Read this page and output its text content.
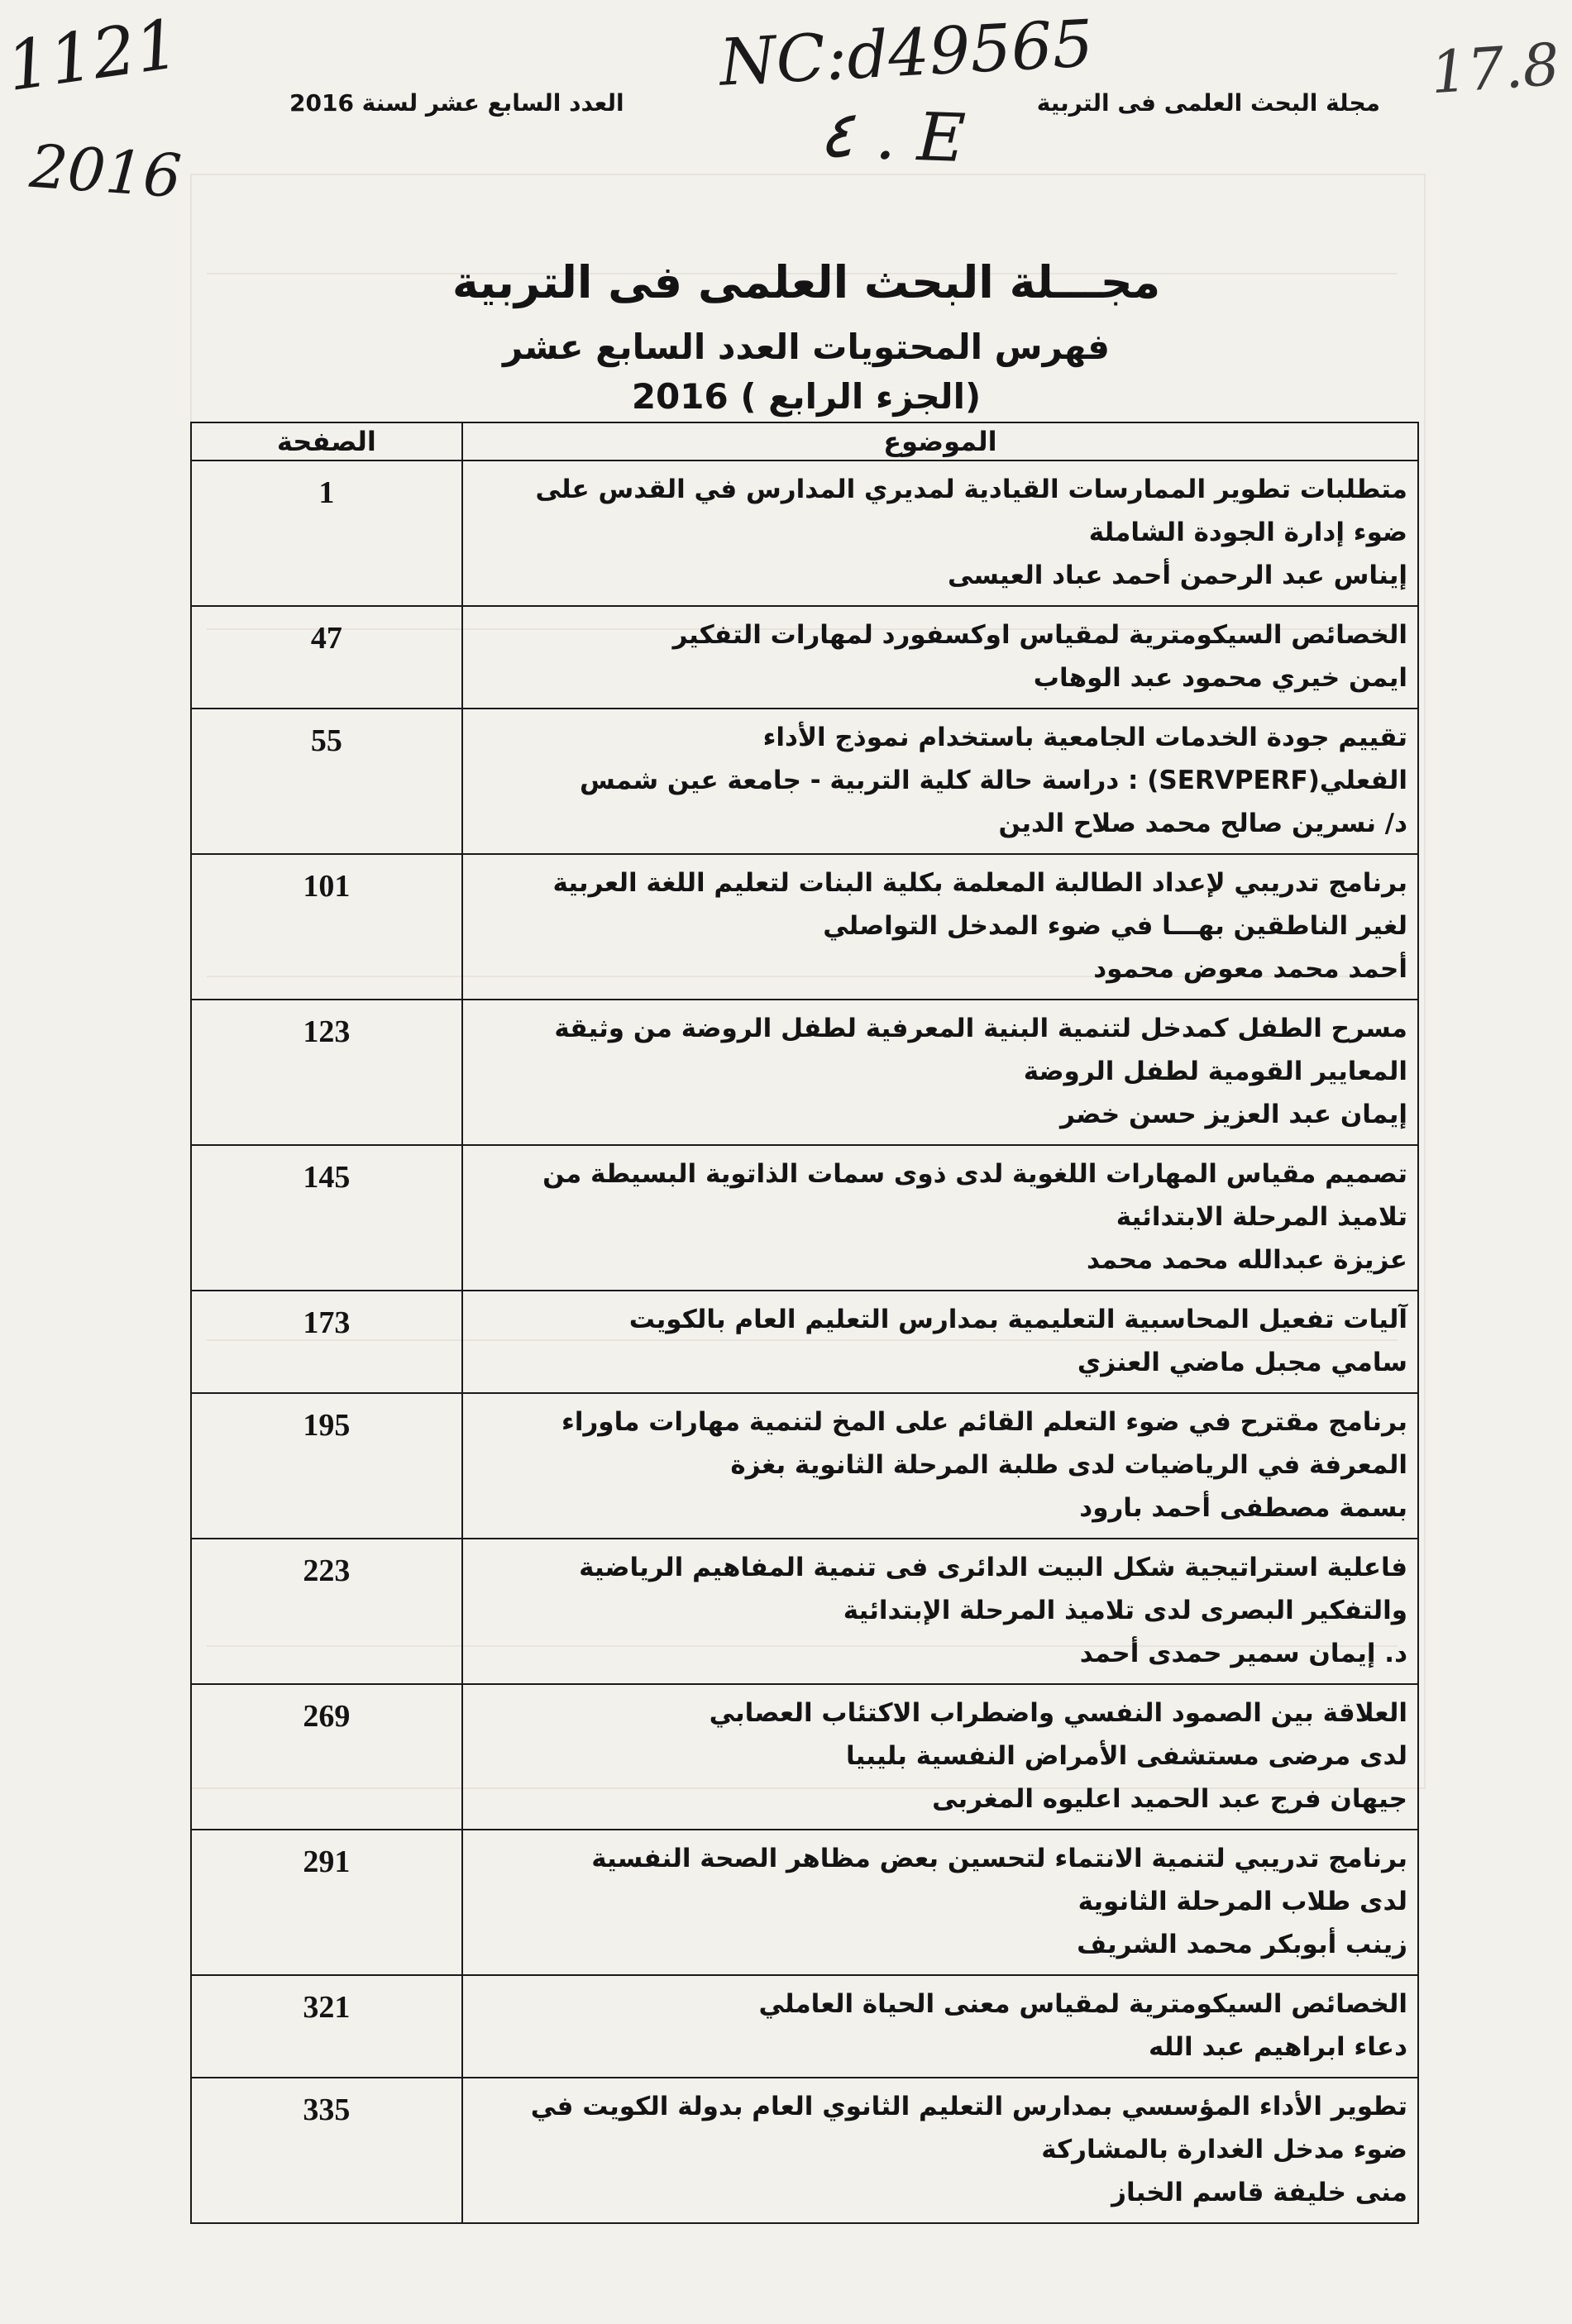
1121
2016
17.8
NC:d49565
٤ . E	مجلة البحث العلمى فى التربية
العدد السابع عشر لسنة 2016
مجـــلة البحث العلمى فى التربية
فهرس المحتويات العدد السابع عشر
(الجزء الرابع ) 2016
الموضوع	الصفحة

متطلبات تطوير الممارسات القيادية لمديري المدارس في القدس على
ضوء إدارة الجودة الشاملة
إيناس عبد الرحمن أحمد عباد العيسى	1

الخصائص السيكومترية لمقياس اوكسفورد لمهارات التفكير
ايمن خيري محمود عبد الوهاب	47

تقييم جودة الخدمات الجامعية باستخدام نموذج الأداء
الفعلي(SERVPERF) : دراسة حالة كلية التربية - جامعة عين شمس
د/ نسرين صالح محمد صلاح الدين	55

برنامج تدريبي لإعداد الطالبة المعلمة بكلية البنات لتعليم اللغة العربية
لغير الناطقين بهـــا في ضوء المدخل التواصلي
أحمد محمد معوض محمود	101

مسرح الطفل كمدخل لتنمية البنية المعرفية لطفل الروضة من وثيقة
المعايير القومية لطفل الروضة
إيمان عبد العزيز حسن خضر	123

تصميم مقياس المهارات اللغوية لدى ذوى سمات الذاتوية البسيطة من
تلاميذ المرحلة الابتدائية
عزيزة عبدالله محمد محمد	145

آليات تفعيل المحاسبية التعليمية بمدارس التعليم العام بالكويت
سامي مجبل ماضي العنزي	173

برنامج مقترح في ضوء التعلم القائم على المخ لتنمية مهارات ماوراء
المعرفة في الرياضيات لدى طلبة المرحلة الثانوية بغزة
بسمة مصطفى أحمد بارود	195

فاعلية استراتيجية شكل البيت الدائرى فى تنمية المفاهيم الرياضية
والتفكير البصرى لدى تلاميذ المرحلة الإبتدائية
د. إيمان سمير حمدى أحمد	223

العلاقة بين الصمود النفسي واضطراب الاكتئاب العصابي
لدى مرضى مستشفى الأمراض النفسية بليبيا
جيهان فرج عبد الحميد اعليوه المغربى	269

برنامج تدريبي لتنمية الانتماء لتحسين بعض مظاهر الصحة النفسية
لدى طلاب المرحلة الثانوية
زينب أبوبكر محمد الشريف	291

الخصائص السيكومترية لمقياس معنى الحياة العاملي
دعاء ابراهيم عبد الله	321

تطوير الأداء المؤسسي بمدارس التعليم الثانوي العام بدولة الكويت في
ضوء مدخل الغدارة بالمشاركة
منى خليفة قاسم الخباز	335
